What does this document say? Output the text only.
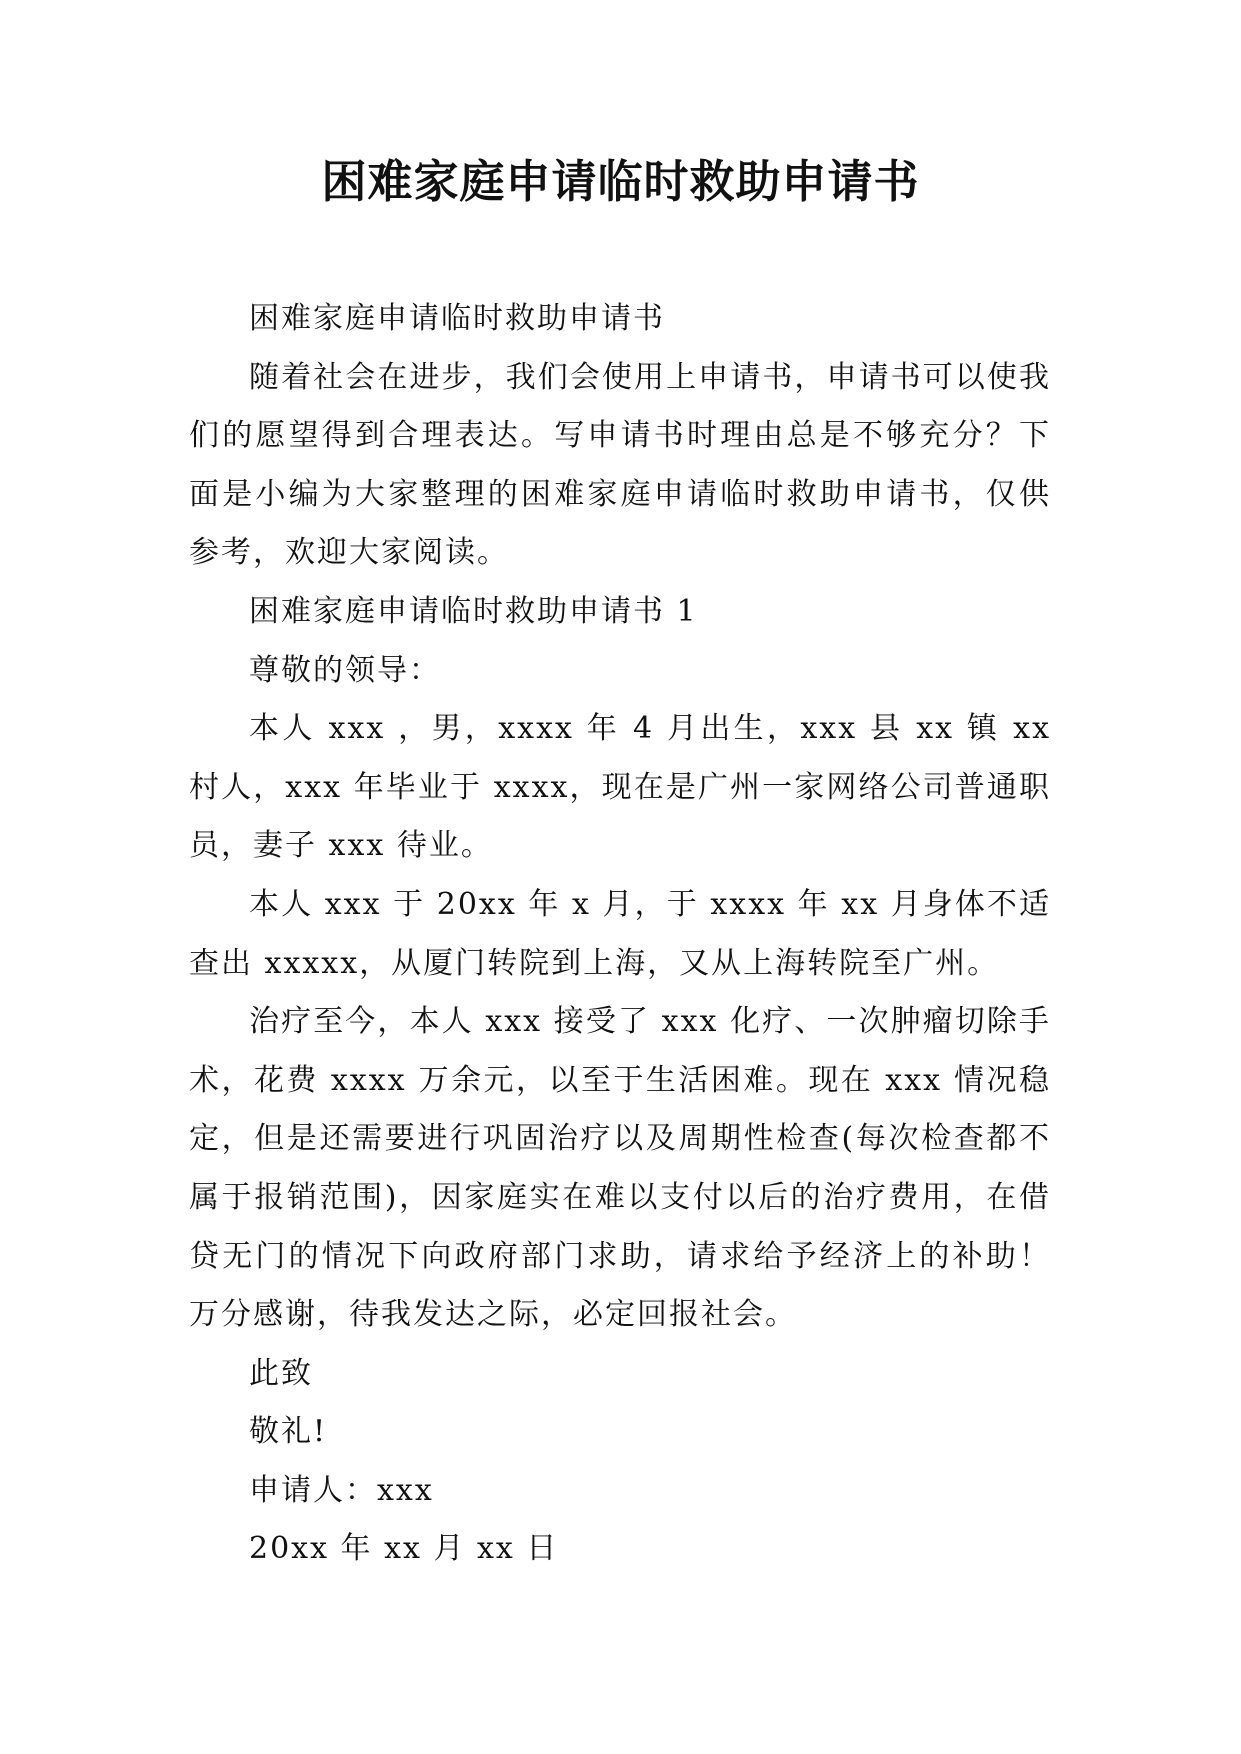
困难家庭申请临时救助申请书

困难家庭申请临时救助申请书

随着社会在进步，我们会使用上申请书，申请书可以使我们的愿望得到合理表达。写申请书时理由总是不够充分？下面是小编为大家整理的困难家庭申请临时救助申请书，仅供参考，欢迎大家阅读。

困难家庭申请临时救助申请书 1

尊敬的领导：

本人 xxx ，男，xxxx 年 4 月出生，xxx 县 xx 镇 xx 村人，xxx 年毕业于 xxxx，现在是广州一家网络公司普通职员，妻子 xxx 待业。

本人 xxx 于 20xx 年 x 月，于 xxxx 年 xx 月身体不适查出 xxxxx，从厦门转院到上海，又从上海转院至广州。

治疗至今，本人 xxx 接受了 xxx 化疗、一次肿瘤切除手术，花费 xxxx 万余元，以至于生活困难。现在 xxx 情况稳定，但是还需要进行巩固治疗以及周期性检查(每次检查都不属于报销范围)，因家庭实在难以支付以后的治疗费用，在借贷无门的情况下向政府部门求助，请求给予经济上的补助！万分感谢，待我发达之际，必定回报社会。

此致

敬礼!

申请人：xxx

20xx 年 xx 月 xx 日
